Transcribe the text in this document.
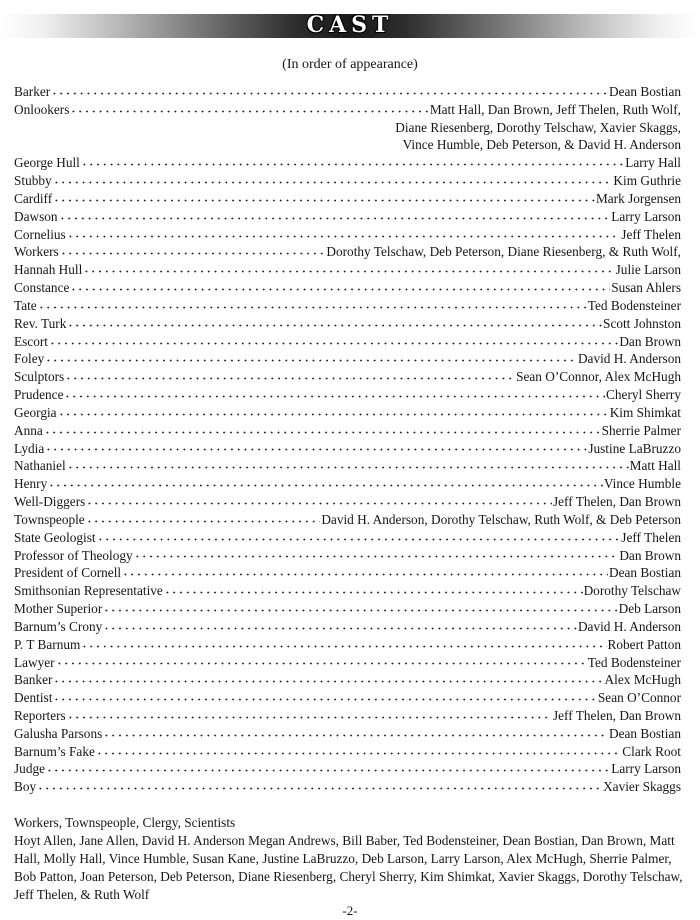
CAST
(In order of appearance)
Barker	Dean Bostian
Onlookers	Matt Hall, Dan Brown, Jeff Thelen, Ruth Wolf,
Diane Riesenberg, Dorothy Telschaw, Xavier Skaggs,
Vince Humble, Deb Peterson, & David H. Anderson
George Hull	Larry Hall
Stubby	Kim Guthrie
Cardiff	Mark Jorgensen
Dawson	Larry Larson
Cornelius	Jeff Thelen
Workers	Dorothy Telschaw, Deb Peterson, Diane Riesenberg, & Ruth Wolf,
Hannah Hull	Julie Larson
Constance	Susan Ahlers
Tate	Ted Bodensteiner
Rev. Turk	Scott Johnston
Escort	Dan Brown
Foley	David H. Anderson
Sculptors	Sean O’Connor, Alex McHugh
Prudence	Cheryl Sherry
Georgia	Kim Shimkat
Anna	Sherrie Palmer
Lydia	Justine LaBruzzo
Nathaniel	Matt Hall
Henry	Vince Humble
Well-Diggers	Jeff Thelen, Dan Brown
Townspeople	David H. Anderson, Dorothy Telschaw, Ruth Wolf, & Deb Peterson
State Geologist	Jeff Thelen
Professor of Theology	Dan Brown
President of Cornell	Dean Bostian
Smithsonian Representative	Dorothy Telschaw
Mother Superior	Deb Larson
Barnum’s Crony	David H. Anderson
P. T Barnum	Robert Patton
Lawyer	Ted Bodensteiner
Banker	Alex McHugh
Dentist	Sean O’Connor
Reporters	Jeff Thelen, Dan Brown
Galusha Parsons	Dean Bostian
Barnum’s Fake	Clark Root
Judge	Larry Larson
Boy	Xavier Skaggs
Workers, Townspeople, Clergy, Scientists
Hoyt Allen, Jane Allen, David H. Anderson Megan Andrews, Bill Baber, Ted Bodensteiner, Dean Bostian, Dan Brown, Matt Hall, Molly Hall, Vince Humble, Susan Kane, Justine LaBruzzo, Deb Larson, Larry Larson, Alex McHugh, Sherrie Palmer, Bob Patton, Joan Peterson, Deb Peterson, Diane Riesenberg, Cheryl Sherry, Kim Shimkat, Xavier Skaggs, Dorothy Telschaw, Jeff Thelen, & Ruth Wolf
-2-
